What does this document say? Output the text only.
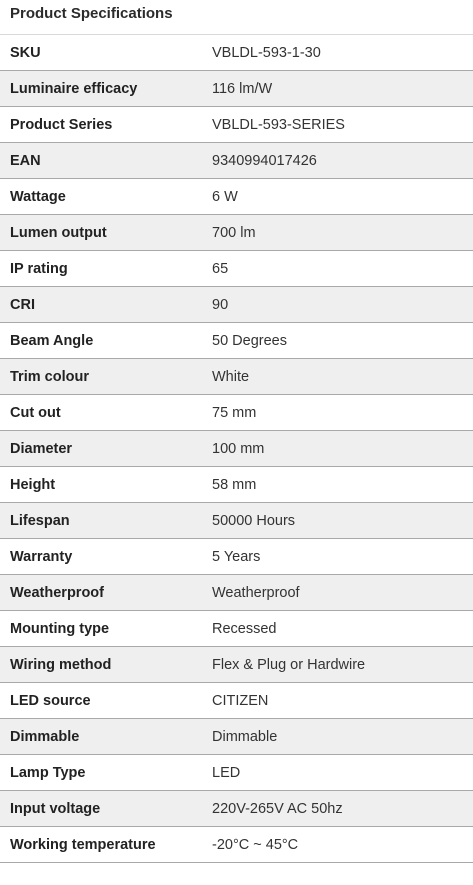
Product Specifications
SKU	VBLDL-593-1-30
Luminaire efficacy	116 lm/W
Product Series	VBLDL-593-SERIES
EAN	9340994017426
Wattage	6 W
Lumen output	700 lm
IP rating	65
CRI	90
Beam Angle	50 Degrees
Trim colour	White
Cut out	75 mm
Diameter	100 mm
Height	58 mm
Lifespan	50000 Hours
Warranty	5 Years
Weatherproof	Weatherproof
Mounting type	Recessed
Wiring method	Flex & Plug or Hardwire
LED source	CITIZEN
Dimmable	Dimmable
Lamp Type	LED
Input voltage	220V-265V AC 50hz
Working temperature	-20°C ~ 45°C
